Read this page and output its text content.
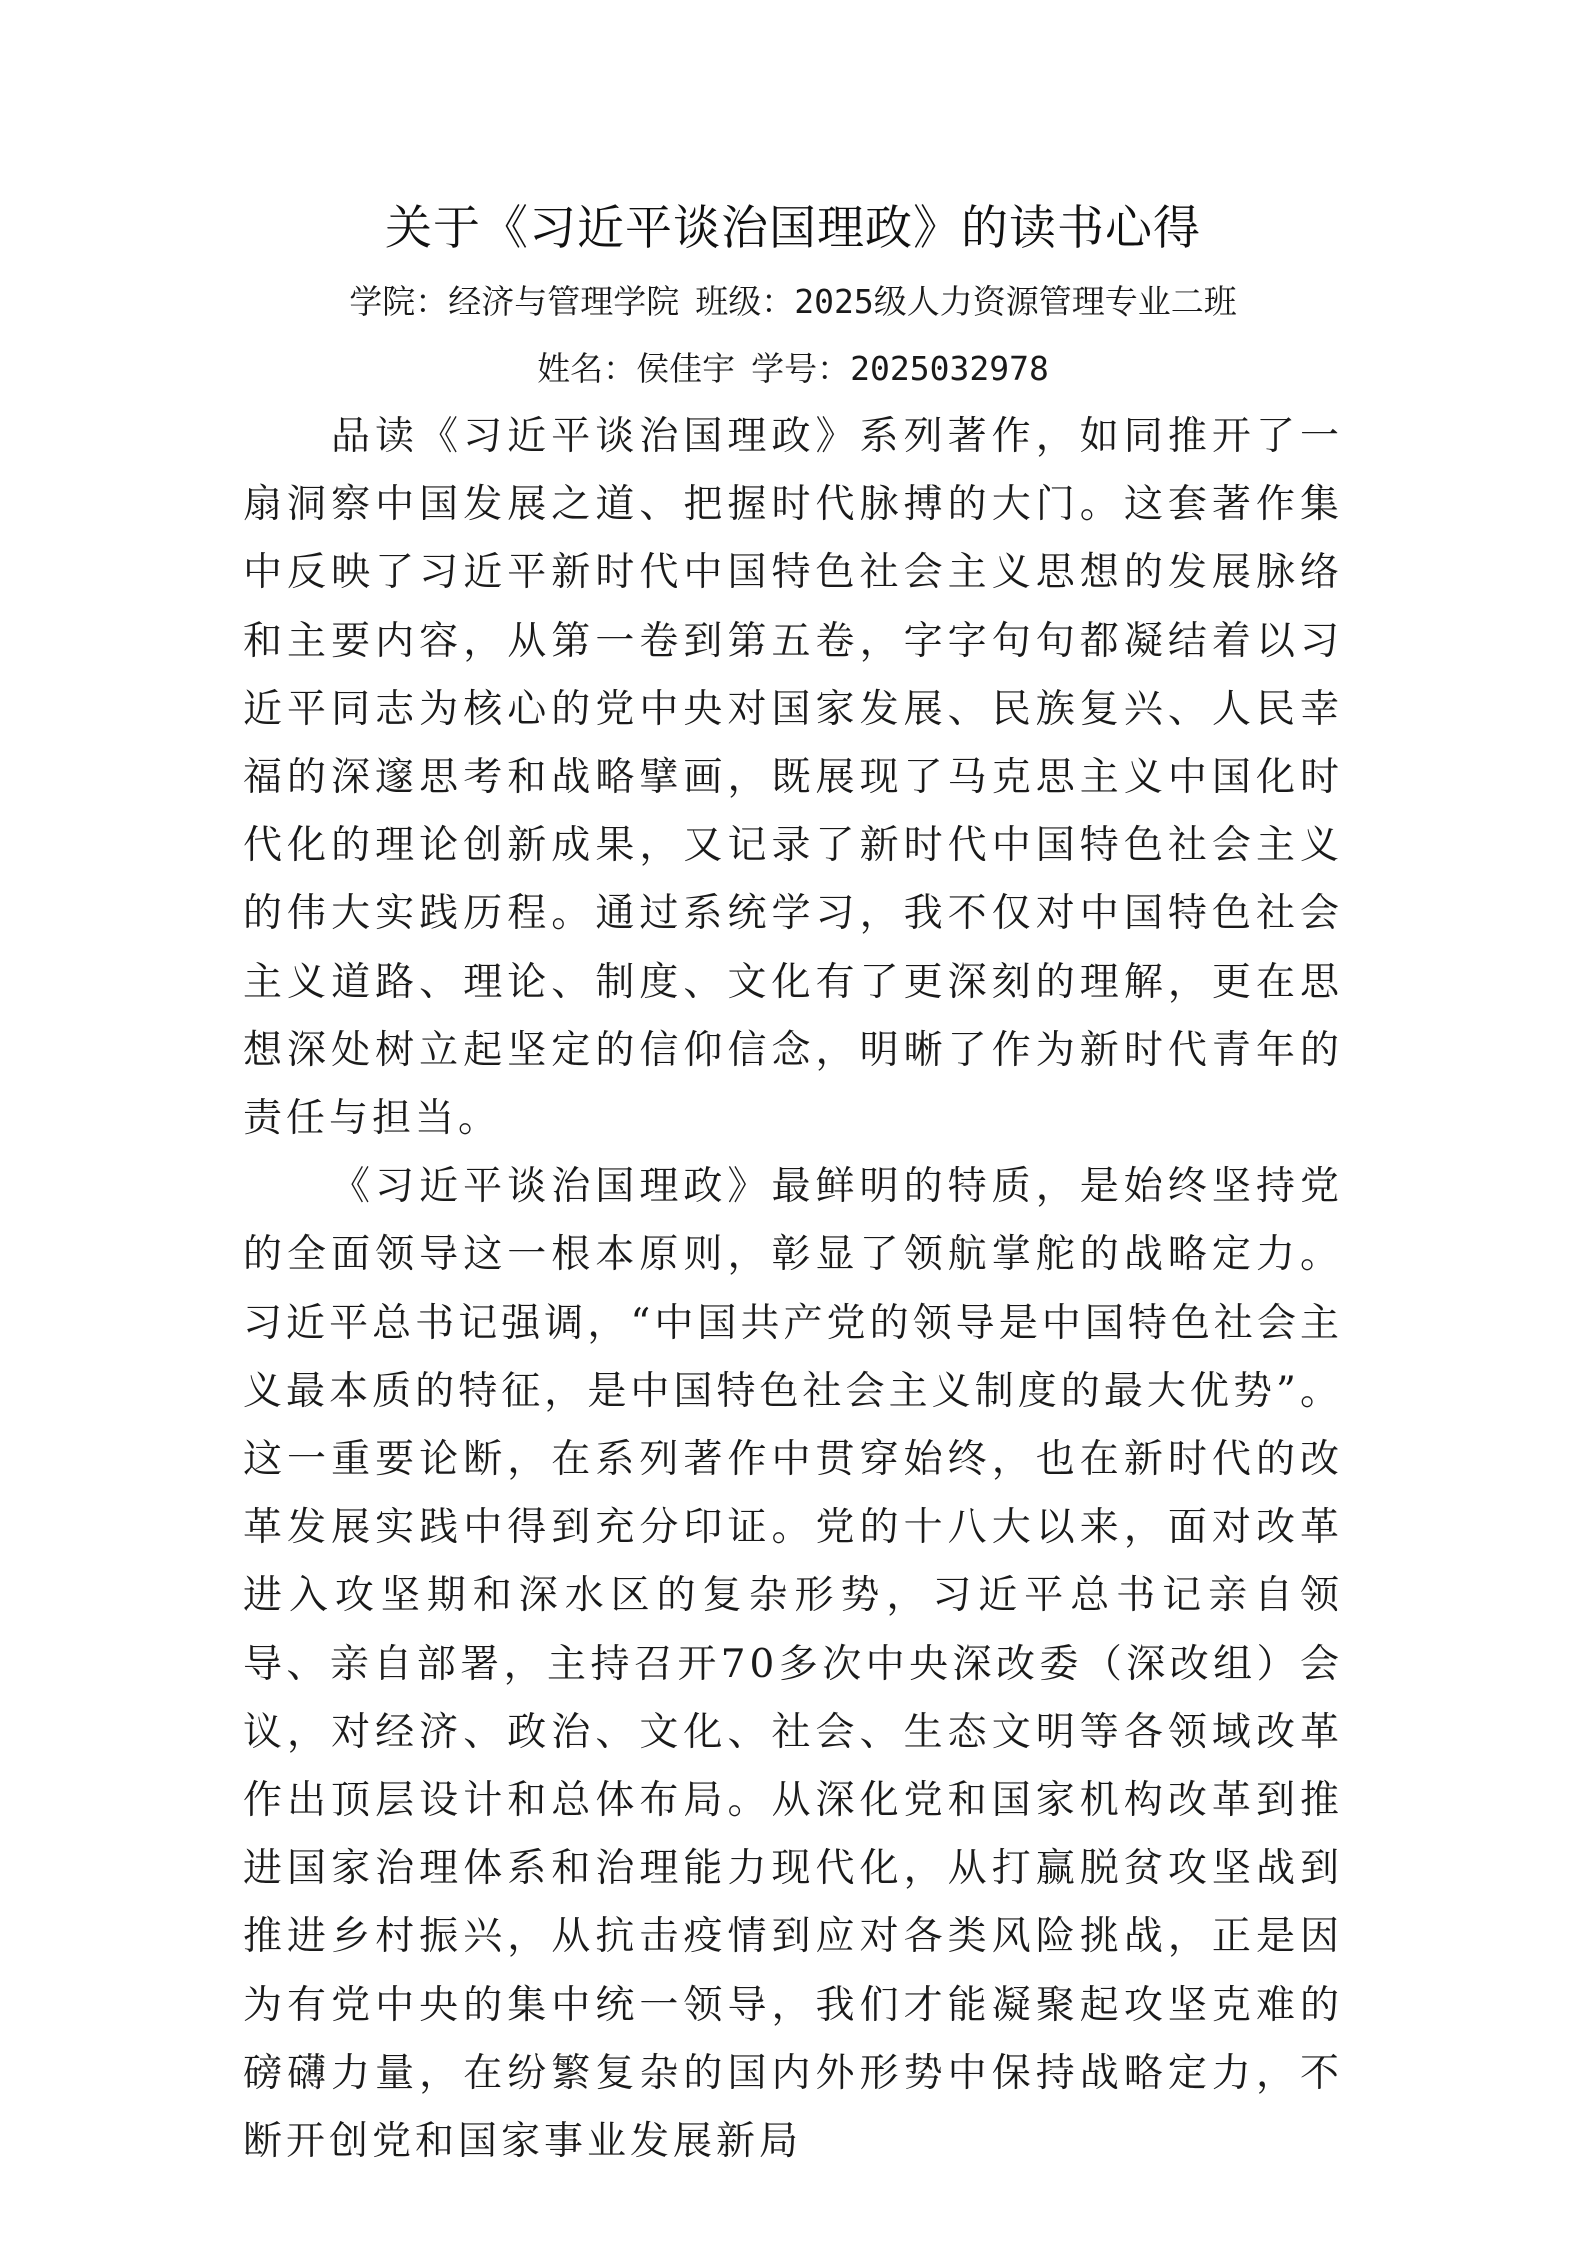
关于《习近平谈治国理政》的读书心得

学院：经济与管理学院 班级：2025级人力资源管理专业二班

姓名：侯佳宇 学号：2025032978

品读《习近平谈治国理政》系列著作，如同推开了一扇洞察中国发展之道、把握时代脉搏的大门。这套著作集中反映了习近平新时代中国特色社会主义思想的发展脉络和主要内容，从第一卷到第五卷，字字句句都凝结着以习近平同志为核心的党中央对国家发展、民族复兴、人民幸福的深邃思考和战略擘画，既展现了马克思主义中国化时代化的理论创新成果，又记录了新时代中国特色社会主义的伟大实践历程。通过系统学习，我不仅对中国特色社会主义道路、理论、制度、文化有了更深刻的理解，更在思想深处树立起坚定的信仰信念，明晰了作为新时代青年的责任与担当。

《习近平谈治国理政》最鲜明的特质，是始终坚持党的全面领导这一根本原则，彰显了领航掌舵的战略定力。习近平总书记强调，“中国共产党的领导是中国特色社会主义最本质的特征，是中国特色社会主义制度的最大优势”。这一重要论断，在系列著作中贯穿始终，也在新时代的改革发展实践中得到充分印证。党的十八大以来，面对改革进入攻坚期和深水区的复杂形势，习近平总书记亲自领导、亲自部署，主持召开70多次中央深改委（深改组）会议，对经济、政治、文化、社会、生态文明等各领域改革作出顶层设计和总体布局。从深化党和国家机构改革到推进国家治理体系和治理能力现代化，从打赢脱贫攻坚战到推进乡村振兴，从抗击疫情到应对各类风险挑战，正是因为有党中央的集中统一领导，我们才能凝聚起攻坚克难的磅礴力量，在纷繁复杂的国内外形势中保持战略定力，不断开创党和国家事业发展新局
